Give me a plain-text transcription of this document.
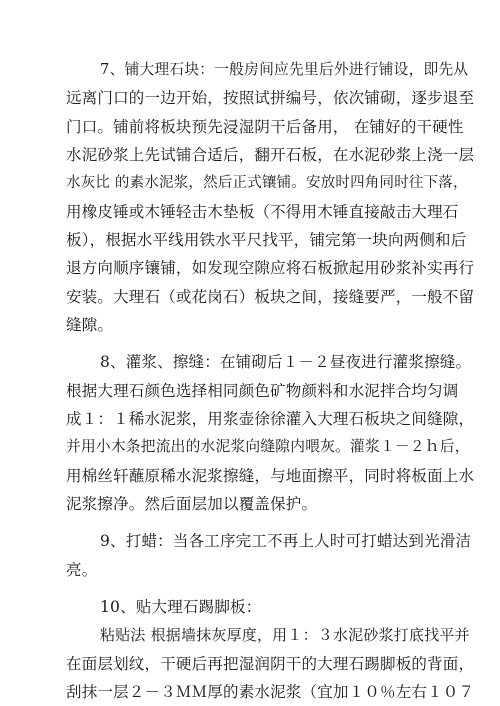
7、铺大理石块：一般房间应先里后外进行铺设，即先从
远离门口的一边开始，按照试拼编号，依次铺砌，逐步退至
门口。铺前将板块预先浸湿阴干后备用， 在铺好的干硬性
水泥砂浆上先试铺合适后，翻开石板，在水泥砂浆上浇一层
水灰比 的素水泥浆，然后正式镶铺。安放时四角同时往下落，
用橡皮锤或木锤轻击木垫板（不得用木锤直接敲击大理石
板），根据水平线用铁水平尺找平，铺完第一块向两侧和后
退方向顺序镶铺，如发现空隙应将石板掀起用砂浆补实再行
安装。大理石（或花岗石）板块之间，接缝要严，一般不留
缝隙。
8、灌浆、擦缝：在铺砌后１－２昼夜进行灌浆擦缝。
根据大理石颜色选择相同颜色矿物颜料和水泥拌合均匀调
成１：１稀水泥浆，用浆壶徐徐灌入大理石板块之间缝隙，
并用小木条把流出的水泥浆向缝隙内喂灰。灌浆１－２ｈ后，
用棉丝轩蘸原稀水泥浆擦缝，与地面擦平，同时将板面上水
泥浆擦净。然后面层加以覆盖保护。
9、打蜡：当各工序完工不再上人时可打蜡达到光滑洁
亮。
10、贴大理石踢脚板：
粘贴法 根据墙抹灰厚度，用１：３水泥砂浆打底找平并
在面层划纹，干硬后再把湿润阴干的大理石踢脚板的背面，
刮抹一层２－３ＭＭ厚的素水泥浆（宜加１０％左右１０７
